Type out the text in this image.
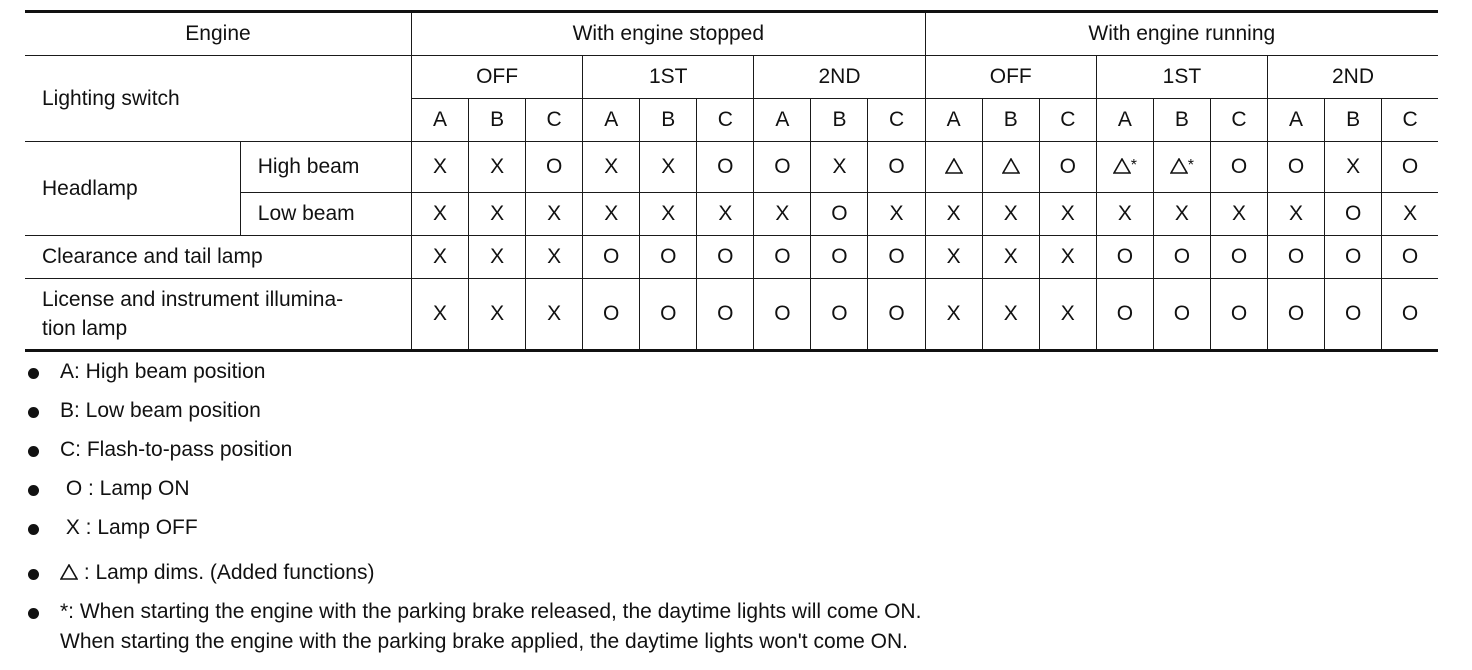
Engine		With engine stopped									With engine running								
Lighting switch		OFF			1ST			2ND			OFF			1ST			2ND		
		A	B	C	A	B	C	A	B	C	A	B	C	A	B	C	A	B	C
Headlamp	High beam	X	X	O	X	X	O	O	X	O			O	*	*	O	O	X	O
	Low beam	X	X	X	X	X	X	X	O	X	X	X	X	X	X	X	X	O	X
Clearance and tail lamp		X	X	X	O	O	O	O	O	O	X	X	X	O	O	O	O	O	O
License and instrument illumina-
tion lamp		X	X	X	O	O	O	O	O	O	X	X	X	O	O	O	O	O	O
A: High beam position
B: Low beam position
C: Flash-to-pass position
O : Lamp ON
X : Lamp OFF
: Lamp dims. (Added functions)
*: When starting the engine with the parking brake released, the daytime lights will come ON.
When starting the engine with the parking brake applied, the daytime lights won't come ON.
